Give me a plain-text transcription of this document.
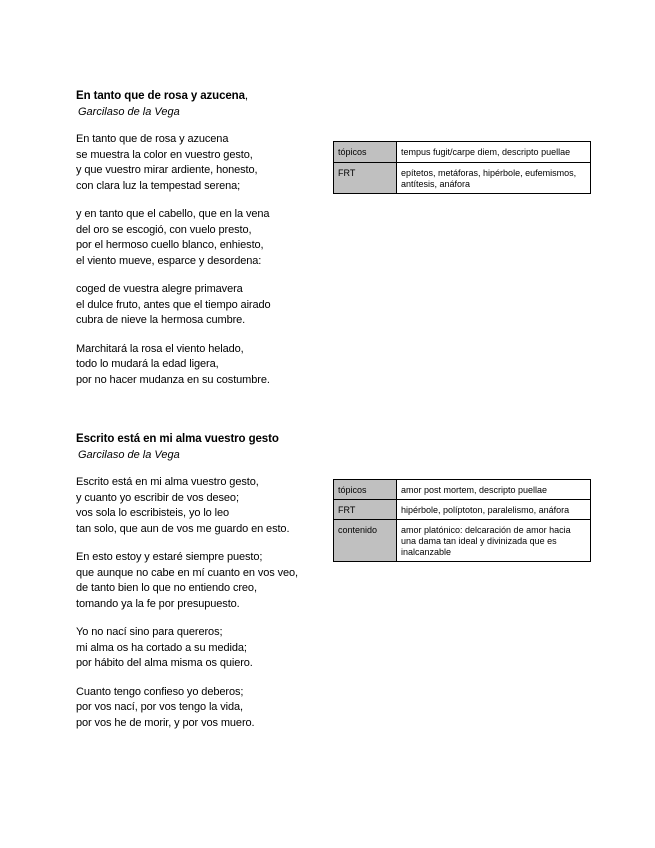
En tanto que de rosa y azucena,

Garcilaso de la Vega

En tanto que de rosa y azucena
se muestra la color en vuestro gesto,
y que vuestro mirar ardiente, honesto,
con clara luz la tempestad serena;

y en tanto que el cabello, que en la vena
del oro se escogió, con vuelo presto,
por el hermoso cuello blanco, enhiesto,
el viento mueve, esparce y desordena:

coged de vuestra alegre primavera
el dulce fruto, antes que el tiempo airado
cubra de nieve la hermosa cumbre.

Marchitará la rosa el viento helado,
todo lo mudará la edad ligera,
por no hacer mudanza en su costumbre.

tópicos	tempus fugit/carpe diem, descripto puellae
FRT	epítetos, metáforas, hipérbole, eufemismos, antítesis, anáfora

Escrito está en mi alma vuestro gesto

Garcilaso de la Vega

Escrito está en mi alma vuestro gesto,
y cuanto yo escribir de vos deseo;
vos sola lo escribisteis, yo lo leo
tan solo, que aun de vos me guardo en esto.

En esto estoy y estaré siempre puesto;
que aunque no cabe en mí cuanto en vos veo,
de tanto bien lo que no entiendo creo,
tomando ya la fe por presupuesto.

Yo no nací sino para quereros;
mi alma os ha cortado a su medida;
por hábito del alma misma os quiero.

Cuanto tengo confieso yo deberos;
por vos nací, por vos tengo la vida,
por vos he de morir, y por vos muero.

tópicos	amor post mortem, descripto puellae
FRT	hipérbole, políptoton, paralelismo, anáfora
contenido	amor platónico: delcaración de amor hacia una dama tan ideal y divinizada que es inalcanzable
